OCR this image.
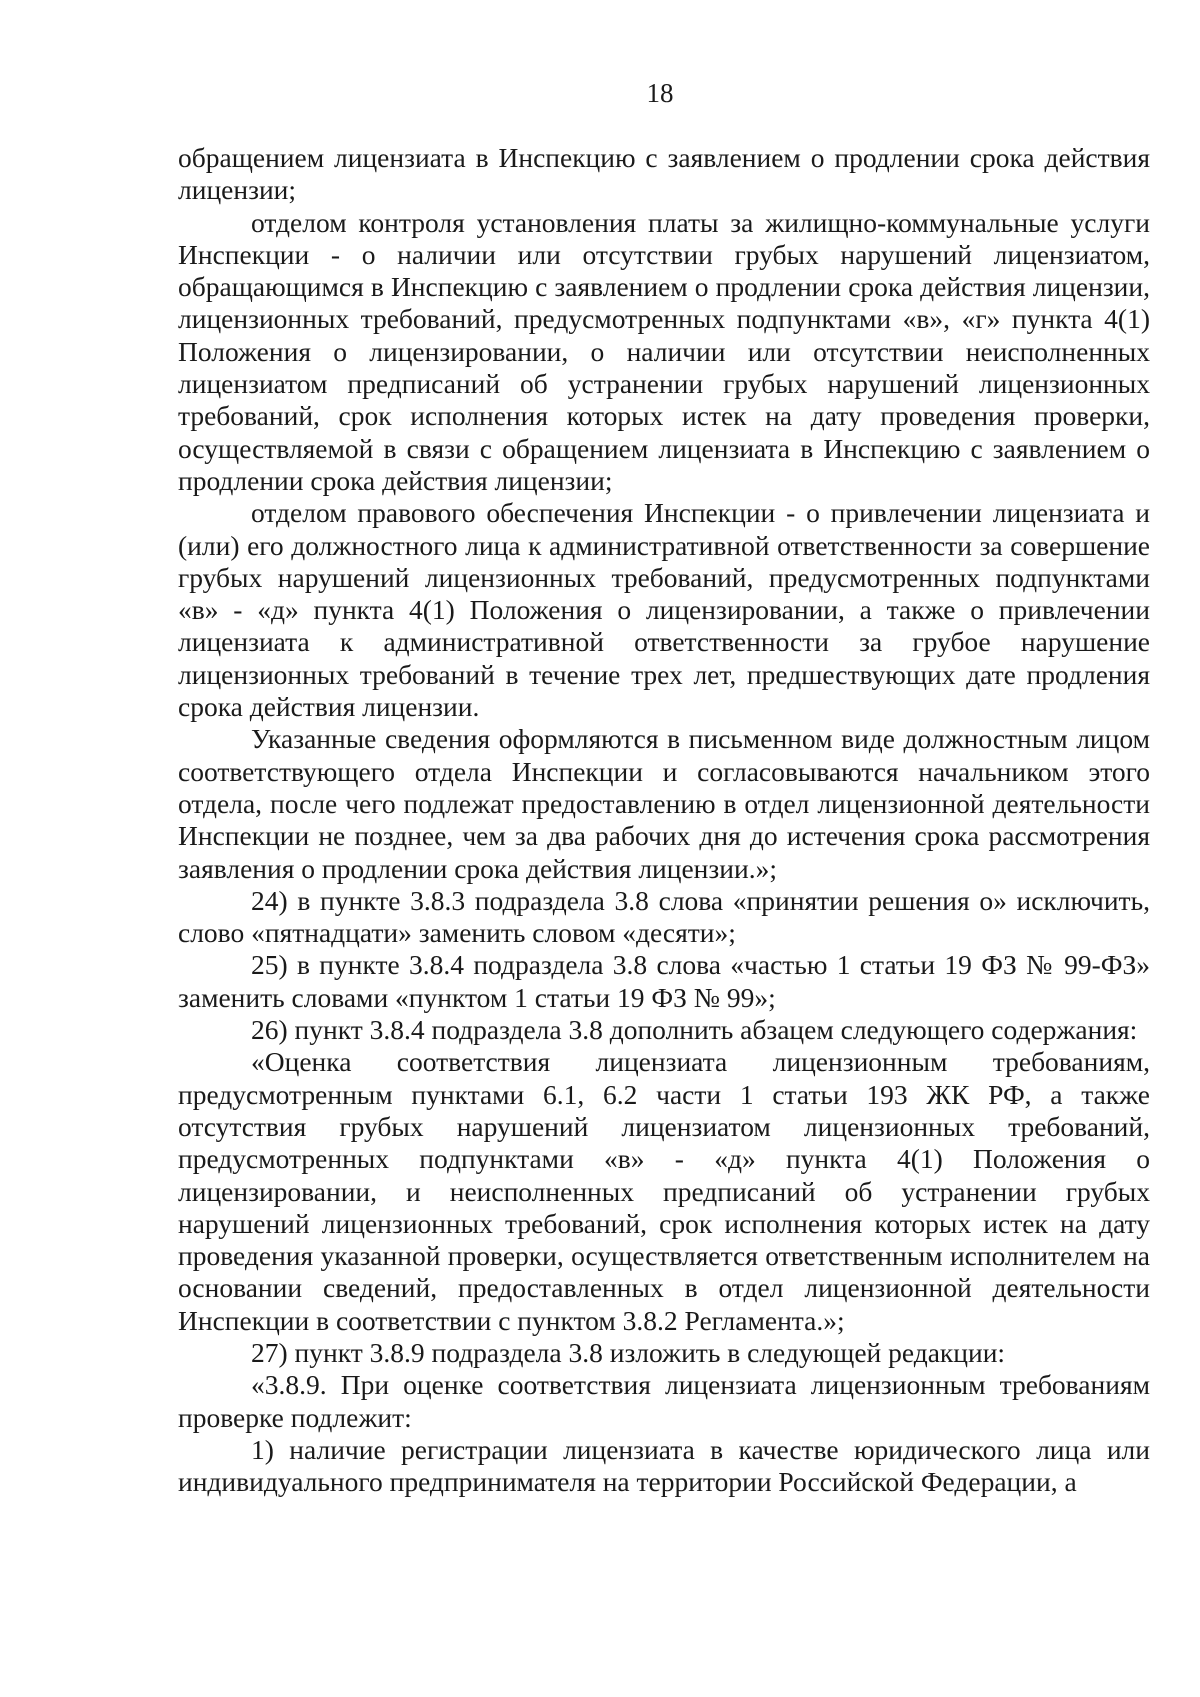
18

обращением лицензиата в Инспекцию с заявлением о продлении срока действия лицензии;

отделом контроля установления платы за жилищно-коммунальные услуги Инспекции - о наличии или отсутствии грубых нарушений лицензиатом, обращающимся в Инспекцию с заявлением о продлении срока действия лицензии, лицензионных требований, предусмотренных подпунктами «в», «г» пункта 4(1) Положения о лицензировании, о наличии или отсутствии неисполненных лицензиатом предписаний об устранении грубых нарушений лицензионных требований, срок исполнения которых истек на дату проведения проверки, осуществляемой в связи с обращением лицензиата в Инспекцию с заявлением о продлении срока действия лицензии;

отделом правового обеспечения Инспекции - о привлечении лицензиата и (или) его должностного лица к административной ответственности за совершение грубых нарушений лицензионных требований, предусмотренных подпунктами «в» - «д» пункта 4(1) Положения о лицензировании, а также о привлечении лицензиата к административной ответственности за грубое нарушение лицензионных требований в течение трех лет, предшествующих дате продления срока действия лицензии.

Указанные сведения оформляются в письменном виде должностным лицом соответствующего отдела Инспекции и согласовываются начальником этого отдела, после чего подлежат предоставлению в отдел лицензионной деятельности Инспекции не позднее, чем за два рабочих дня до истечения срока рассмотрения заявления о продлении срока действия лицензии.»;

24) в пункте 3.8.3 подраздела 3.8 слова «принятии решения о» исключить, слово «пятнадцати» заменить словом «десяти»;

25) в пункте 3.8.4 подраздела 3.8 слова «частью 1 статьи 19 ФЗ № 99-ФЗ» заменить словами «пунктом 1 статьи 19 ФЗ № 99»;

26) пункт 3.8.4 подраздела 3.8 дополнить абзацем следующего содержания:

«Оценка соответствия лицензиата лицензионным требованиям, предусмотренным пунктами 6.1, 6.2 части 1 статьи 193 ЖК РФ, а также отсутствия грубых нарушений лицензиатом лицензионных требований, предусмотренных подпунктами «в» - «д» пункта 4(1) Положения о лицензировании, и неисполненных предписаний об устранении грубых нарушений лицензионных требований, срок исполнения которых истек на дату проведения указанной проверки, осуществляется ответственным исполнителем на основании сведений, предоставленных в отдел лицензионной деятельности Инспекции в соответствии с пунктом 3.8.2 Регламента.»;

27) пункт 3.8.9 подраздела 3.8 изложить в следующей редакции:

«3.8.9. При оценке соответствия лицензиата лицензионным требованиям проверке подлежит:

1) наличие регистрации лицензиата в качестве юридического лица или индивидуального предпринимателя на территории Российской Федерации, а
